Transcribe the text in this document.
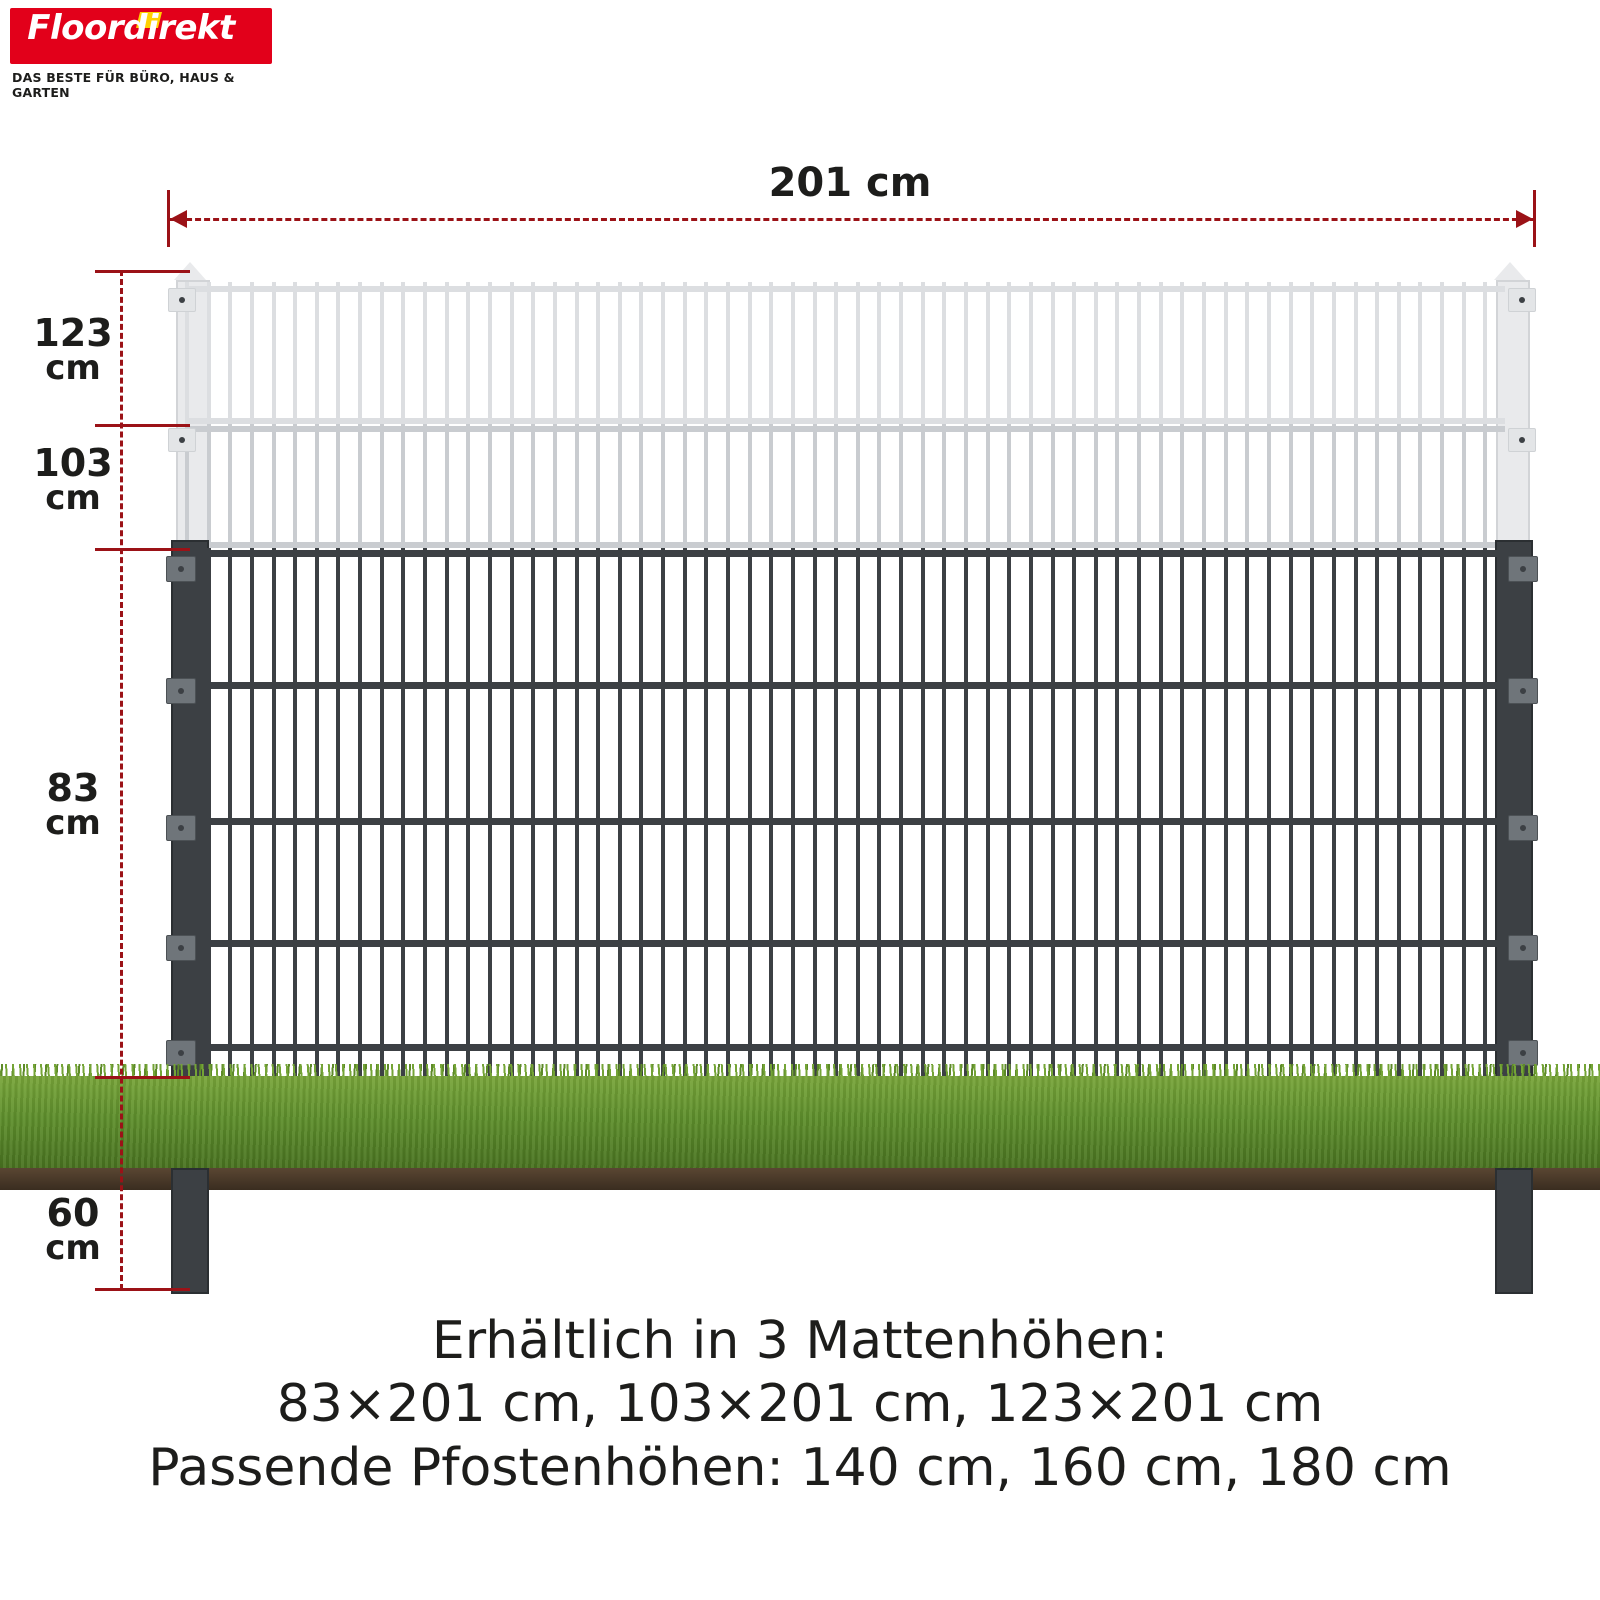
Floordirekt
DAS BESTE FÜR BÜRO, HAUS & GARTEN
201 cm
123
cm
103
cm
83
cm
60
cm
Erhältlich in 3 Mattenhöhen:
83×201 cm, 103×201 cm, 123×201 cm
Passende Pfostenhöhen: 140 cm, 160 cm, 180 cm
